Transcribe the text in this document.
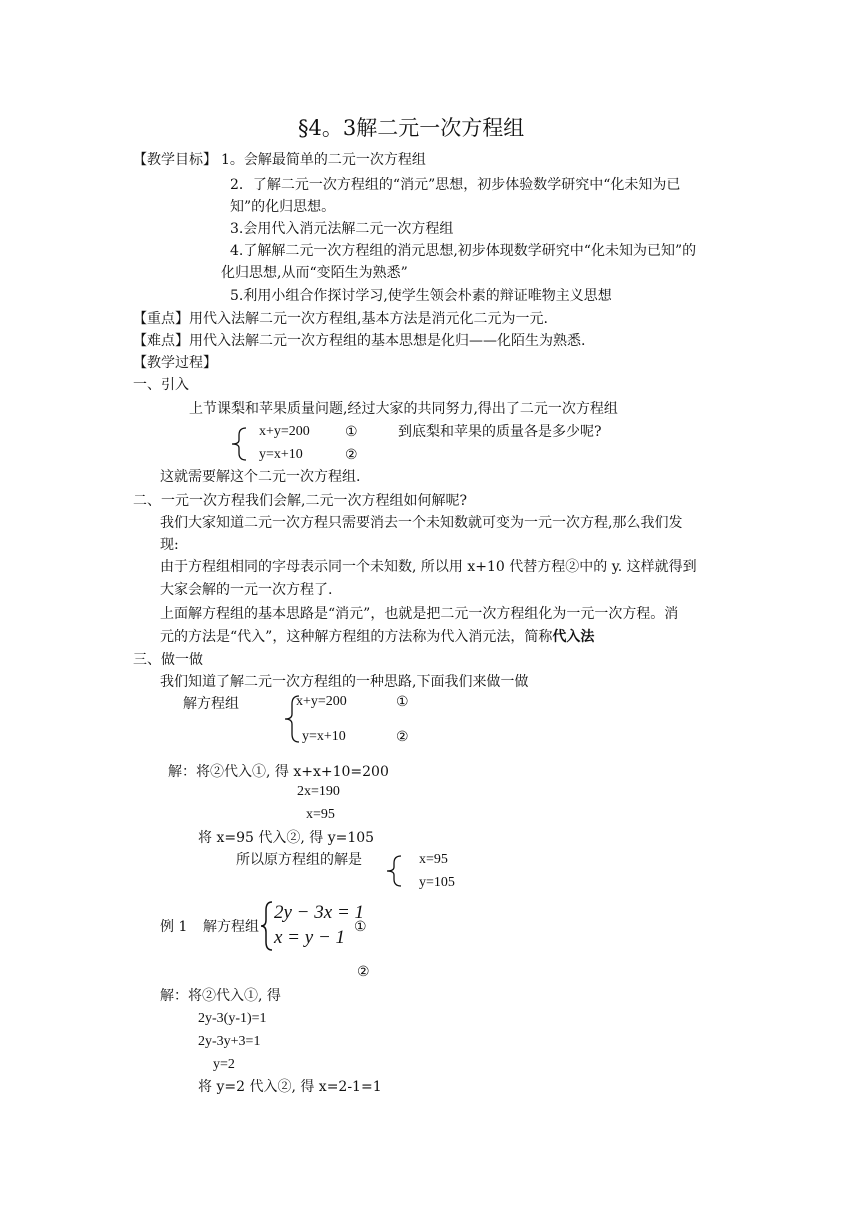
§4。3解二元一次方程组
【教学目标】 1。会解最简单的二元一次方程组
2．了解二元一次方程组的“消元”思想，初步体验数学研究中“化未知为已
知”的化归思想。
3.会用代入消元法解二元一次方程组
4.了解解二元一次方程组的消元思想,初步体现数学研究中“化未知为已知”的
化归思想,从而“变陌生为熟悉”
5.利用小组合作探讨学习,使学生领会朴素的辩证唯物主义思想
【重点】用代入法解二元一次方程组,基本方法是消元化二元为一元.
【难点】用代入法解二元一次方程组的基本思想是化归——化陌生为熟悉.
【教学过程】
一、引入
上节课梨和苹果质量问题,经过大家的共同努力,得出了二元一次方程组
x+y=200	①	到底梨和苹果的质量各是多少呢?
y=x+10	②
这就需要解这个二元一次方程组.
二、一元一次方程我们会解,二元一次方程组如何解呢?
我们大家知道二元一次方程只需要消去一个未知数就可变为一元一次方程,那么我们发
现:
由于方程组相同的字母表示同一个未知数, 所以用 x+10 代替方程②中的 y. 这样就得到
大家会解的一元一次方程了.
上面解方程组的基本思路是“消元”，也就是把二元一次方程组化为一元一次方程。消
元的方法是“代入”，这种解方程组的方法称为代入消元法，简称代入法
三、做一做
我们知道了解二元一次方程组的一种思路,下面我们来做一做
解方程组	x+y=200	①
y=x+10	②
解：将②代入①, 得 x+x+10=200
2x=190
x=95
将 x=95 代入②, 得 y=105
所以原方程组的解是	x=95
y=105
例 1 解方程组
2y − 3x = 1
x = y − 1 ①
②
解：将②代入①, 得
2y-3(y-1)=1
2y-3y+3=1
y=2
将 y=2 代入②, 得 x=2-1=1
